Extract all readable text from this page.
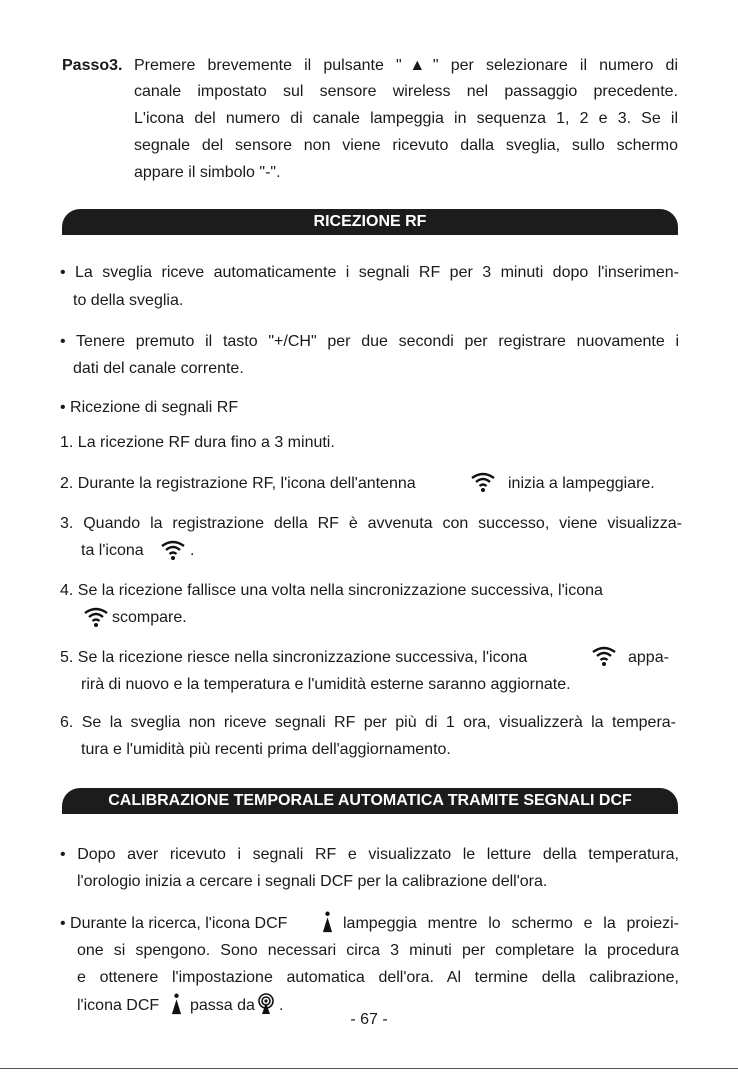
Passo3. Premere brevemente il pulsante "▲" per selezionare il numero di
canale impostato sul sensore wireless nel passaggio precedente.
L'icona del numero di canale lampeggia in sequenza 1, 2 e 3. Se il
segnale del sensore non viene ricevuto dalla sveglia, sullo schermo
appare il simbolo "-".
RICEZIONE RF
• La sveglia riceve automaticamente i segnali RF per 3 minuti dopo l'inserimen-
to della sveglia.
• Tenere premuto il tasto "+/CH" per due secondi per registrare nuovamente i
dati del canale corrente.
• Ricezione di segnali RF
1. La ricezione RF dura fino a 3 minuti.
2. Durante la registrazione RF, l'icona dell'antenna	inizia a lampeggiare.
3. Quando la registrazione della RF è avvenuta con successo, viene visualizza-
ta l'icona	.
4. Se la ricezione fallisce una volta nella sincronizzazione successiva, l'icona
scompare.
5. Se la ricezione riesce nella sincronizzazione successiva, l'icona	appa-
rirà di nuovo e la temperatura e l'umidità esterne saranno aggiornate.
6. Se la sveglia non riceve segnali RF per più di 1 ora, visualizzerà la tempera-
tura e l'umidità più recenti prima dell'aggiornamento.
CALIBRAZIONE TEMPORALE AUTOMATICA TRAMITE SEGNALI DCF
• Dopo aver ricevuto i segnali RF e visualizzato le letture della temperatura,
l'orologio inizia a cercare i segnali DCF per la calibrazione dell'ora.
• Durante la ricerca, l'icona DCF	lampeggia mentre lo schermo e la proiezi-
one si spengono. Sono necessari circa 3 minuti per completare la procedura
e ottenere l'impostazione automatica dell'ora. Al termine della calibrazione,
l'icona DCF passa da .
- 67 -
